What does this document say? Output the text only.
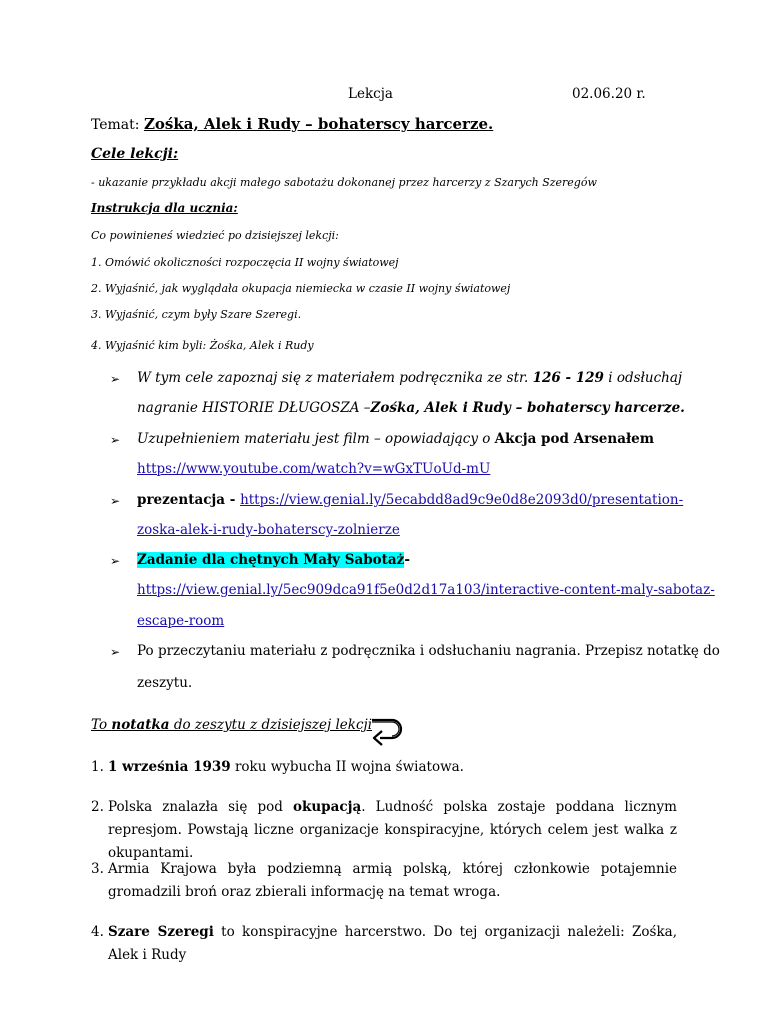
Lekcja	02.06.20 r.
Temat: Zośka, Alek i Rudy – bohaterscy harcerze.
Cele lekcji:
- ukazanie przykładu akcji małego sabotażu dokonanej przez harcerzy z Szarych Szeregów
Instrukcja dla ucznia:
Co powinieneś wiedzieć po dzisiejszej lekcji:
1. Omówić okoliczności rozpoczęcia II wojny światowej
2. Wyjaśnić, jak wyglądała okupacja niemiecka w czasie II wojny światowej
3. Wyjaśnić, czym były Szare Szeregi.
4. Wyjaśnić kim byli: Żośka, Alek i Rudy
➢ W tym cele zapoznaj się z materiałem podręcznika ze str. 126 - 129 i odsłuchaj
nagranie HISTORIE DŁUGOSZA –Zośka, Alek i Rudy – bohaterscy harcerze.
➢ Uzupełnieniem materiału jest film – opowiadający o Akcja pod Arsenałem
https://www.youtube.com/watch?v=wGxTUoUd-mU
➢ prezentacja - https://view.genial.ly/5ecabdd8ad9c9e0d8e2093d0/presentation-
zoska-alek-i-rudy-bohaterscy-zolnierze
➢ Zadanie dla chętnych Mały Sabotaż-
https://view.genial.ly/5ec909dca91f5e0d2d17a103/interactive-content-maly-sabotaz-
escape-room
➢ Po przeczytaniu materiału z podręcznika i odsłuchaniu nagrania. Przepisz notatkę do
zeszytu.
To notatka do zeszytu z dzisiejszej lekcji
1. 1 września 1939 roku wybucha II wojna światowa.
2. Polska znalazła się pod okupacją. Ludność polska zostaje poddana licznym represjom. Powstają liczne organizacje konspiracyjne, których celem jest walka z okupantami.
3. Armia Krajowa była podziemną armią polską, której członkowie potajemnie gromadzili broń oraz zbierali informację na temat wroga.
4. Szare Szeregi to konspiracyjne harcerstwo. Do tej organizacji należeli: Zośka, Alek i Rudy
